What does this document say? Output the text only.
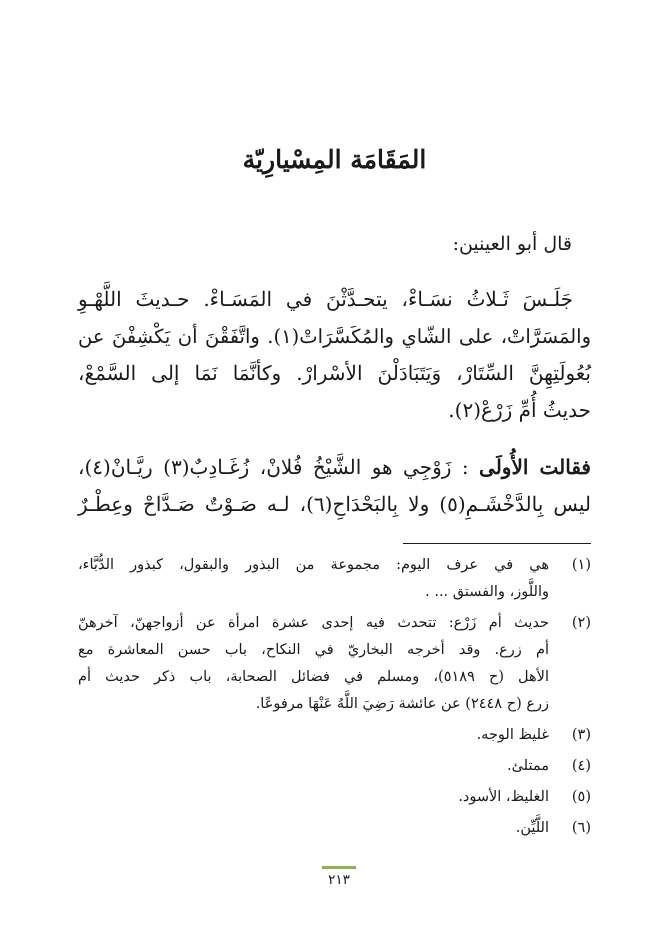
المَقَامَة المِسْيارِيّة

قال أبو العينين:

جَلَـسَ ثَـلاثُ نسَـاءْ، يتحـدَّثْنَ في المَسَـاءْ. حـديثَ اللَّهْـوِ
والمَسَرَّاتْ، على الشّاي والمُكَسَّرَاتْ(١). واتَّفَقْنَ أن يَكْشِفْنَ عن
بُعُولَتِهِنَّ السِّتَارْ، وَيَتَبَادَلْنَ الأسْرارْ. وكأنَّمَا نَمَا إلى السَّمْعْ،
حديثُ أُمِّ زَرْعْ(٢).

فقالت الأُولَى : زَوْجِي هو الشَّيْخُ فُلانْ، زُغَـادِبٌ(٣) ريَّـانْ(٤)،
ليس بِالدَّخْشَـمِ(٥) ولا بِالبَحْدَاحِ(٦)، لـه صَـوْتٌ صَـدَّاحْ وعِطْـرٌ

(١)
هي في عرف اليوم: مجموعة من البذور والبقول، كبذور الدُّبَّاء،
واللَّوز، والفستق ... .
(٢)
حديث أم زَرْع: تتحدث فيه إحدى عشرة امرأة عن أزواجهنّ، آخرهنّ
أم زرع. وقد أخرجه البخاريّ في النكاح، باب حسن المعاشرة مع
الأهل (ح ٥١٨٩)، ومسلم في فضائل الصحابة، باب ذكر حديث أم
زرع (ح ٢٤٤٨) عن عائشة رَضِيَ اللَّهُ عَنْهَا مرفوعًا.
(٣)
غليظ الوجه.
(٤)
ممتلئ.
(٥)
الغليظ، الأسود.
(٦)
اللَّيِّن.
٢١٣
